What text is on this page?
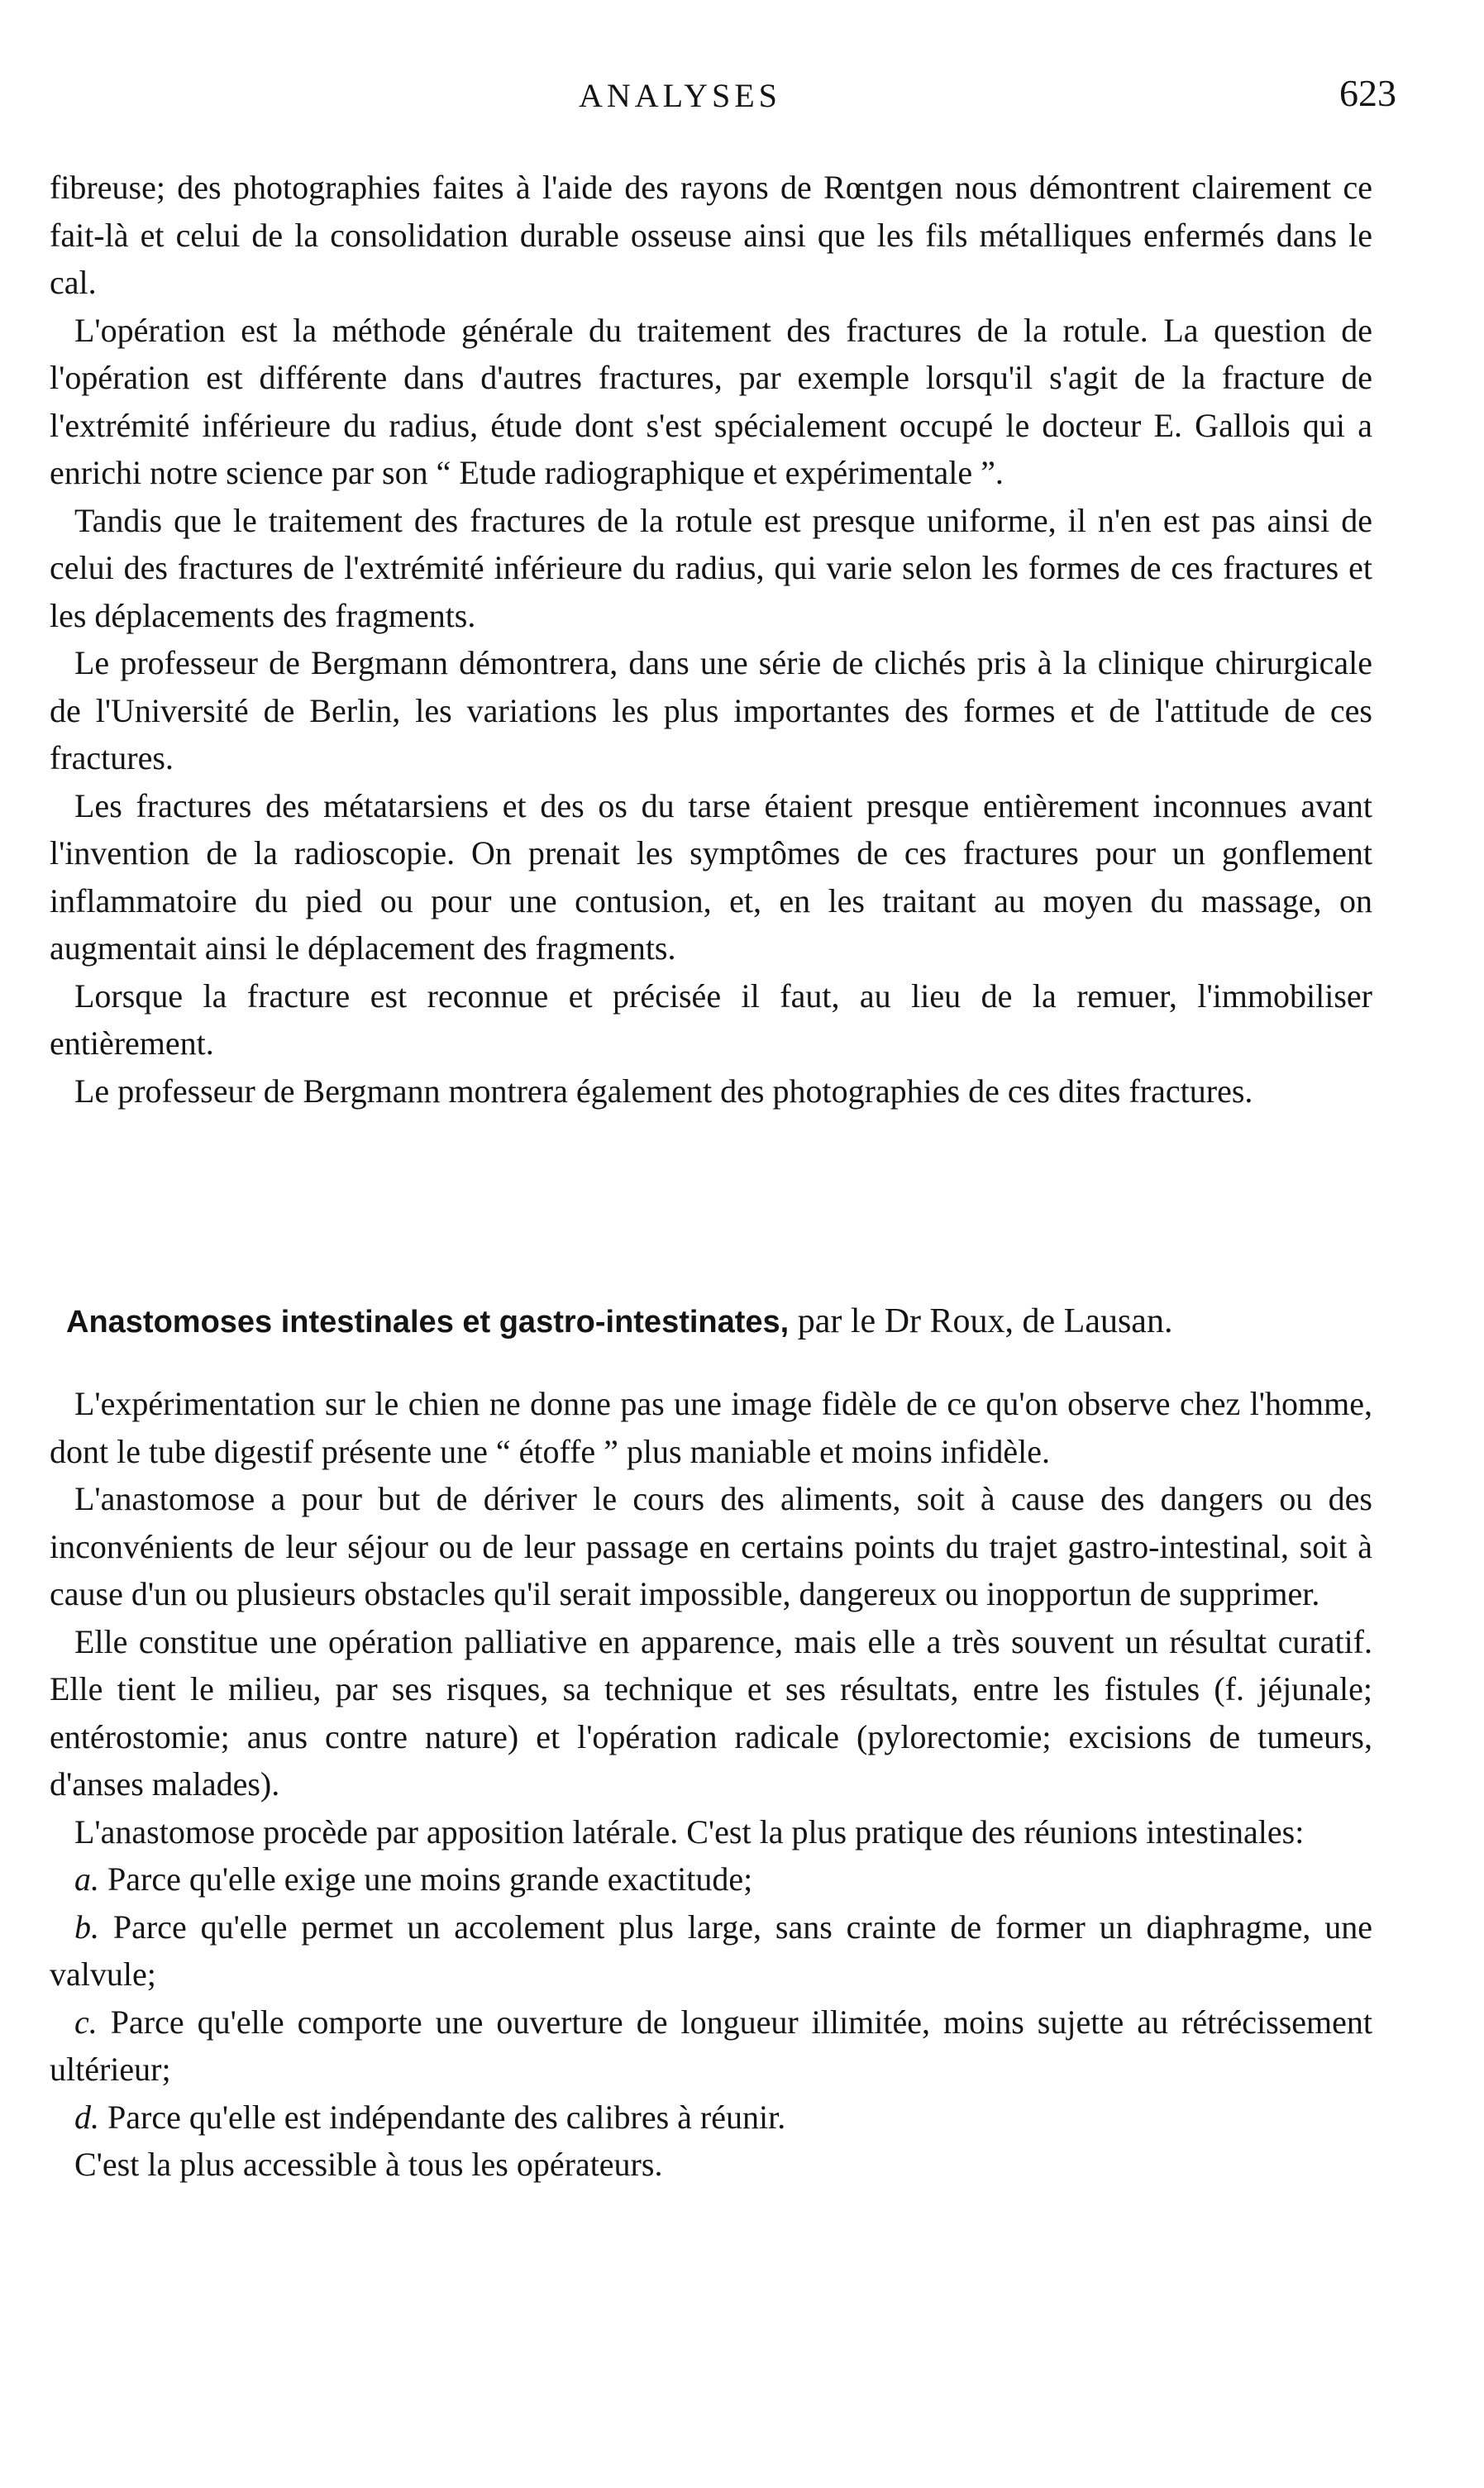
ANALYSES	623

fibreuse; des photographies faites à l'aide des rayons de Rœntgen nous démontrent clairement ce fait-là et celui de la consolidation durable osseuse ainsi que les fils métalliques enfermés dans le cal.

L'opération est la méthode générale du traitement des fractures de la rotule. La question de l'opération est différente dans d'autres fractures, par exemple lorsqu'il s'agit de la fracture de l'extrémité inférieure du radius, étude dont s'est spécialement occupé le docteur E. Gallois qui a enrichi notre science par son “ Etude radiographique et expérimentale ”.

Tandis que le traitement des fractures de la rotule est presque uniforme, il n'en est pas ainsi de celui des fractures de l'extrémité inférieure du radius, qui varie selon les formes de ces fractures et les déplacements des fragments.

Le professeur de Bergmann démontrera, dans une série de clichés pris à la clinique chirurgicale de l'Université de Berlin, les variations les plus importantes des formes et de l'attitude de ces fractures.

Les fractures des métatarsiens et des os du tarse étaient presque entièrement inconnues avant l'invention de la radioscopie. On prenait les symptômes de ces fractures pour un gonflement inflammatoire du pied ou pour une contusion, et, en les traitant au moyen du massage, on augmentait ainsi le déplacement des fragments.

Lorsque la fracture est reconnue et précisée il faut, au lieu de la remuer, l'immobiliser entièrement.

Le professeur de Bergmann montrera également des photographies de ces dites fractures.

Anastomoses intestinales et gastro-intestinates, par le Dr Roux, de Lausan.

L'expérimentation sur le chien ne donne pas une image fidèle de ce qu'on observe chez l'homme, dont le tube digestif présente une “ étoffe ” plus maniable et moins infidèle.

L'anastomose a pour but de dériver le cours des aliments, soit à cause des dangers ou des inconvénients de leur séjour ou de leur passage en certains points du trajet gastro-intestinal, soit à cause d'un ou plusieurs obstacles qu'il serait impossible, dangereux ou inopportun de supprimer.

Elle constitue une opération palliative en apparence, mais elle a très souvent un résultat curatif. Elle tient le milieu, par ses risques, sa technique et ses résultats, entre les fistules (f. jéjunale; entérostomie; anus contre nature) et l'opération radicale (pylorectomie; excisions de tumeurs, d'anses malades).

L'anastomose procède par apposition latérale. C'est la plus pratique des réunions intestinales:

a. Parce qu'elle exige une moins grande exactitude;

b. Parce qu'elle permet un accolement plus large, sans crainte de former un diaphragme, une valvule;

c. Parce qu'elle comporte une ouverture de longueur illimitée, moins sujette au rétrécissement ultérieur;

d. Parce qu'elle est indépendante des calibres à réunir.

C'est la plus accessible à tous les opérateurs.
